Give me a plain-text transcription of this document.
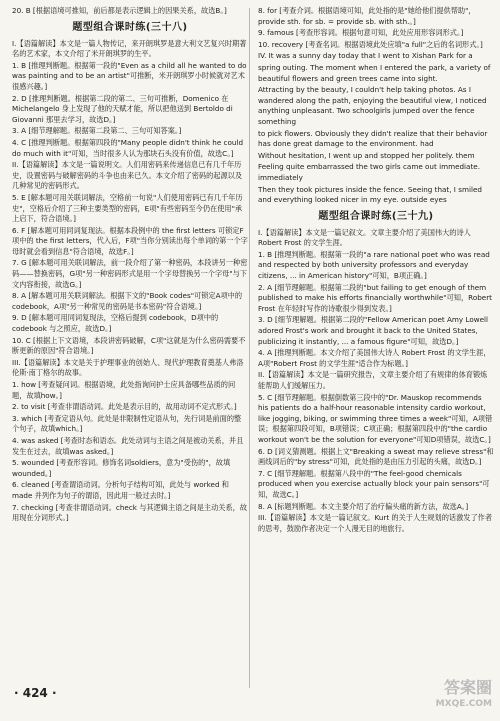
20. B [根据语境可推知，前后都是表示逻辑上的因果关系，故选B。]

题型组合课时练(三十八)

I.【语篇解读】本文是一篇人物传记，来开朗琪罗是意大利文艺复兴时期著名的艺术家，本文介绍了米开朗琪罗的生平。

1. B [推理判断题。根据第一段的"Even as a child all he wanted to do was painting and to be an artist"可推断，米开朗琪罗小时候就对艺术很感兴趣。]

2. D [推理判断题。根据第二段的第二、三句可推断，Domenico 在 Michelangelo 身上发现了他的天赋才能，所以把他送到 Bertoldo di Giovanni 那里去学习，故选D。]

3. A [细节理解题。根据第二段第二、三句可知答案。]

4. C [推理判断题。根据第四段的"Many people didn't think he could do much with it"可知，当时很多人认为那块石头没有价值，故选C。]

II.【语篇解读】本文是一篇说明文。人们用密码来传递信息已有几千年历史，设置密码与破解密码的斗争也由来已久。本文介绍了密码的起源以及几种常见的密码形式。

5. E [解本题可用关联词解法，空格前一句说"人们使用密码已有几千年历史"，空格后介绍了三种主要类型的密码，E项"有些密码至今仍在使用"承上启下，符合语境。]

6. F [解本题可用同词复现法。根据本段例中的 the first letters 可锁定F项中的 the first letters，代入后，F项"当你分别读出每个单词的第一个字母时就会看到信息"符合语境，故选F。]

7. G [解本题可用关联词解法，前一段介绍了第一种密码，本段讲另一种密码——替换密码，G项"另一种密码形式是用一个字母替换另一个字母"与下文内容衔接，故选G。]

8. A [解本题可用关联词解法。根据下文的"Book codes"可锁定A项中的 codebook，A项"另一种常见的密码是书本密码"符合语境。]

9. D [解本题可用同词复现法，空格后提到 codebook，D项中的 codebook 与之照应，故选D。]

10. C [根据上下文语境，本段讲密码破解，C项"这就是为什么密码需要不断更新的原因"符合语境。]

III.【语篇解读】本文是关于护理事业的创始人、现代护理教育奠基人弗洛伦斯·南丁格尔的故事。

1. how [考查疑问词。根据语境，此处指询问护士应具备哪些品质的问题，故填how。]

2. to visit [考查非谓语动词。此处是表示目的，故用动词不定式形式。]

3. which [考查定语从句。此处是非限制性定语从句，先行词是前面的整个句子，故填which。]

4. was asked [考查时态和语态。此处动词与主语之间是被动关系，并且发生在过去，故填was asked。]

5. wounded [考查形容词。修饰名词soldiers，意为"受伤的"，故填wounded。]

6. cleaned [考查谓语动词。分析句子结构可知，此处与 worked 和 made 并列作为句子的谓语，因此用一般过去时。]

7. checking [考查非谓语动词。check 与其逻辑主语之间是主动关系，故用现在分词形式。]

8. for [考查介词。根据语境可知，此处指的是"她给他们提供帮助"，provide sth. for sb. = provide sb. with sth.。]

9. famous [考查形容词。根据句意可知，此处应用形容词形式。]

10. recovery [考查名词。根据语境此处应填"a full"之后的名词形式。]

IV. It was a sunny day today that I went to Xishan Park for a

spring outing. The moment when I entered the park, a variety of beautiful flowers and green trees came into sight.

Attracting by the beauty, I couldn't help taking photos. As I wandered along the path, enjoying the beautiful view, I noticed anything unpleasant. Two schoolgirls jumped over the fence something

to pick flowers. Obviously they didn't realize that their behavior has done great damage to the environment. had

Without hesitation, I went up and stopped her politely. them

Feeling quite embarrassed the two girls came out immediate. immediately

Then they took pictures inside the fence. Seeing that, I smiled and everything looked nicer in my eye. outside eyes

题型组合课时练(三十九)

I.【语篇解读】本文是一篇记叙文。文章主要介绍了美国伟大的诗人 Robert Frost 的文学生涯。

1. B [推理判断题。根据第一段的"a rare national poet who was read and respected by both university professors and everyday citizens, ... in American history"可知，B项正确。]

2. A [细节理解题。根据第二段的"but failing to get enough of them published to make his efforts financially worthwhile"可知，Robert Frost 在年轻时写作的诗歌很少得到发表。]

3. D [细节理解题。根据第二段的"Fellow American poet Amy Lowell adored Frost's work and brought it back to the United States, publicizing it instantly, ... a famous figure"可知，故选D。]

4. A [推理判断题。本文介绍了美国伟大诗人 Robert Frost 的文学生涯，A项"Robert Frost 的文学生涯"适合作为标题。]

II.【语篇解读】本文是一篇研究报告，文章主要介绍了有规律的体育锻炼能帮助人们缓解压力。

5. C [细节理解题。根据倒数第三段中的"Dr. Mauskop recommends his patients do a half-hour reasonable intensity cardio workout, like jogging, biking, or swimming three times a week"可知，A项错误；根据第四段可知，B项错误；C项正确；根据第四段中的"the cardio workout won't be the solution for everyone"可知D项错误，故选C。]

6. D [词义猜测题。根据上文"Breaking a sweat may relieve stress"和画线词后的"by stress"可知，此处指的是由压力引起的头痛，故选D。]

7. C [细节理解题。根据第八段中的"The feel-good chemicals produced when you exercise actually block your pain sensors"可知，故选C。]

8. A [标题判断题。本文主要介绍了治疗偏头痛的新方法，故选A。]

III.【语篇解读】本文是一篇记叙文。Kurt 的关于人生规划的话激发了作者的思考，鼓励作者决定一个人漫无目的地旅行。

· 424 ·	答案圈
MXQE.COM
